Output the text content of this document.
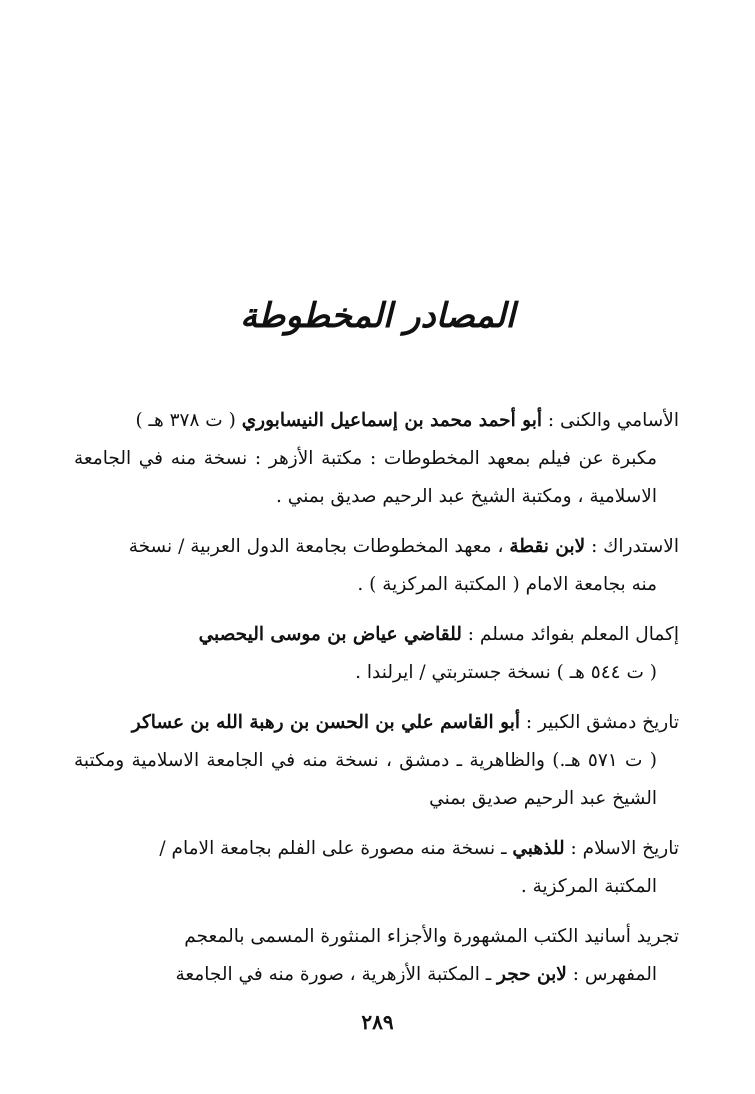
المصادر المخطوطة
الأسامي والكنى : أبو أحمد محمد بن إسماعيل النيسابوري ( ت ٣٧٨ هـ )
مكبرة عن فيلم بمعهد المخطوطات : مكتبة الأزهر : نسخة منه في الجامعة الاسلامية ، ومكتبة الشيخ عبد الرحيم صديق بمني .
الاستدراك : لابن نقطة ، معهد المخطوطات بجامعة الدول العربية / نسخة
منه بجامعة الامام ( المكتبة المركزية ) .
إكمال المعلم بفوائد مسلم : للقاضي عياض بن موسى اليحصبي
( ت ٥٤٤ هـ ) نسخة جستربتي / ايرلندا .
تاريخ دمشق الكبير : أبو القاسم علي بن الحسن بن رهبة الله بن عساكر
( ت ٥٧١ هـ.) والظاهرية ـ دمشق ، نسخة منه في الجامعة الاسلامية ومكتبة الشيخ عبد الرحيم صديق بمني
تاريخ الاسلام : للذهبي ـ نسخة منه مصورة على الفلم بجامعة الامام /
المكتبة المركزية .
تجريد أسانيد الكتب المشهورة والأجزاء المنثورة المسمى بالمعجم
المفهرس : لابن حجر ـ المكتبة الأزهرية ، صورة منه في الجامعة
٢٨٩
